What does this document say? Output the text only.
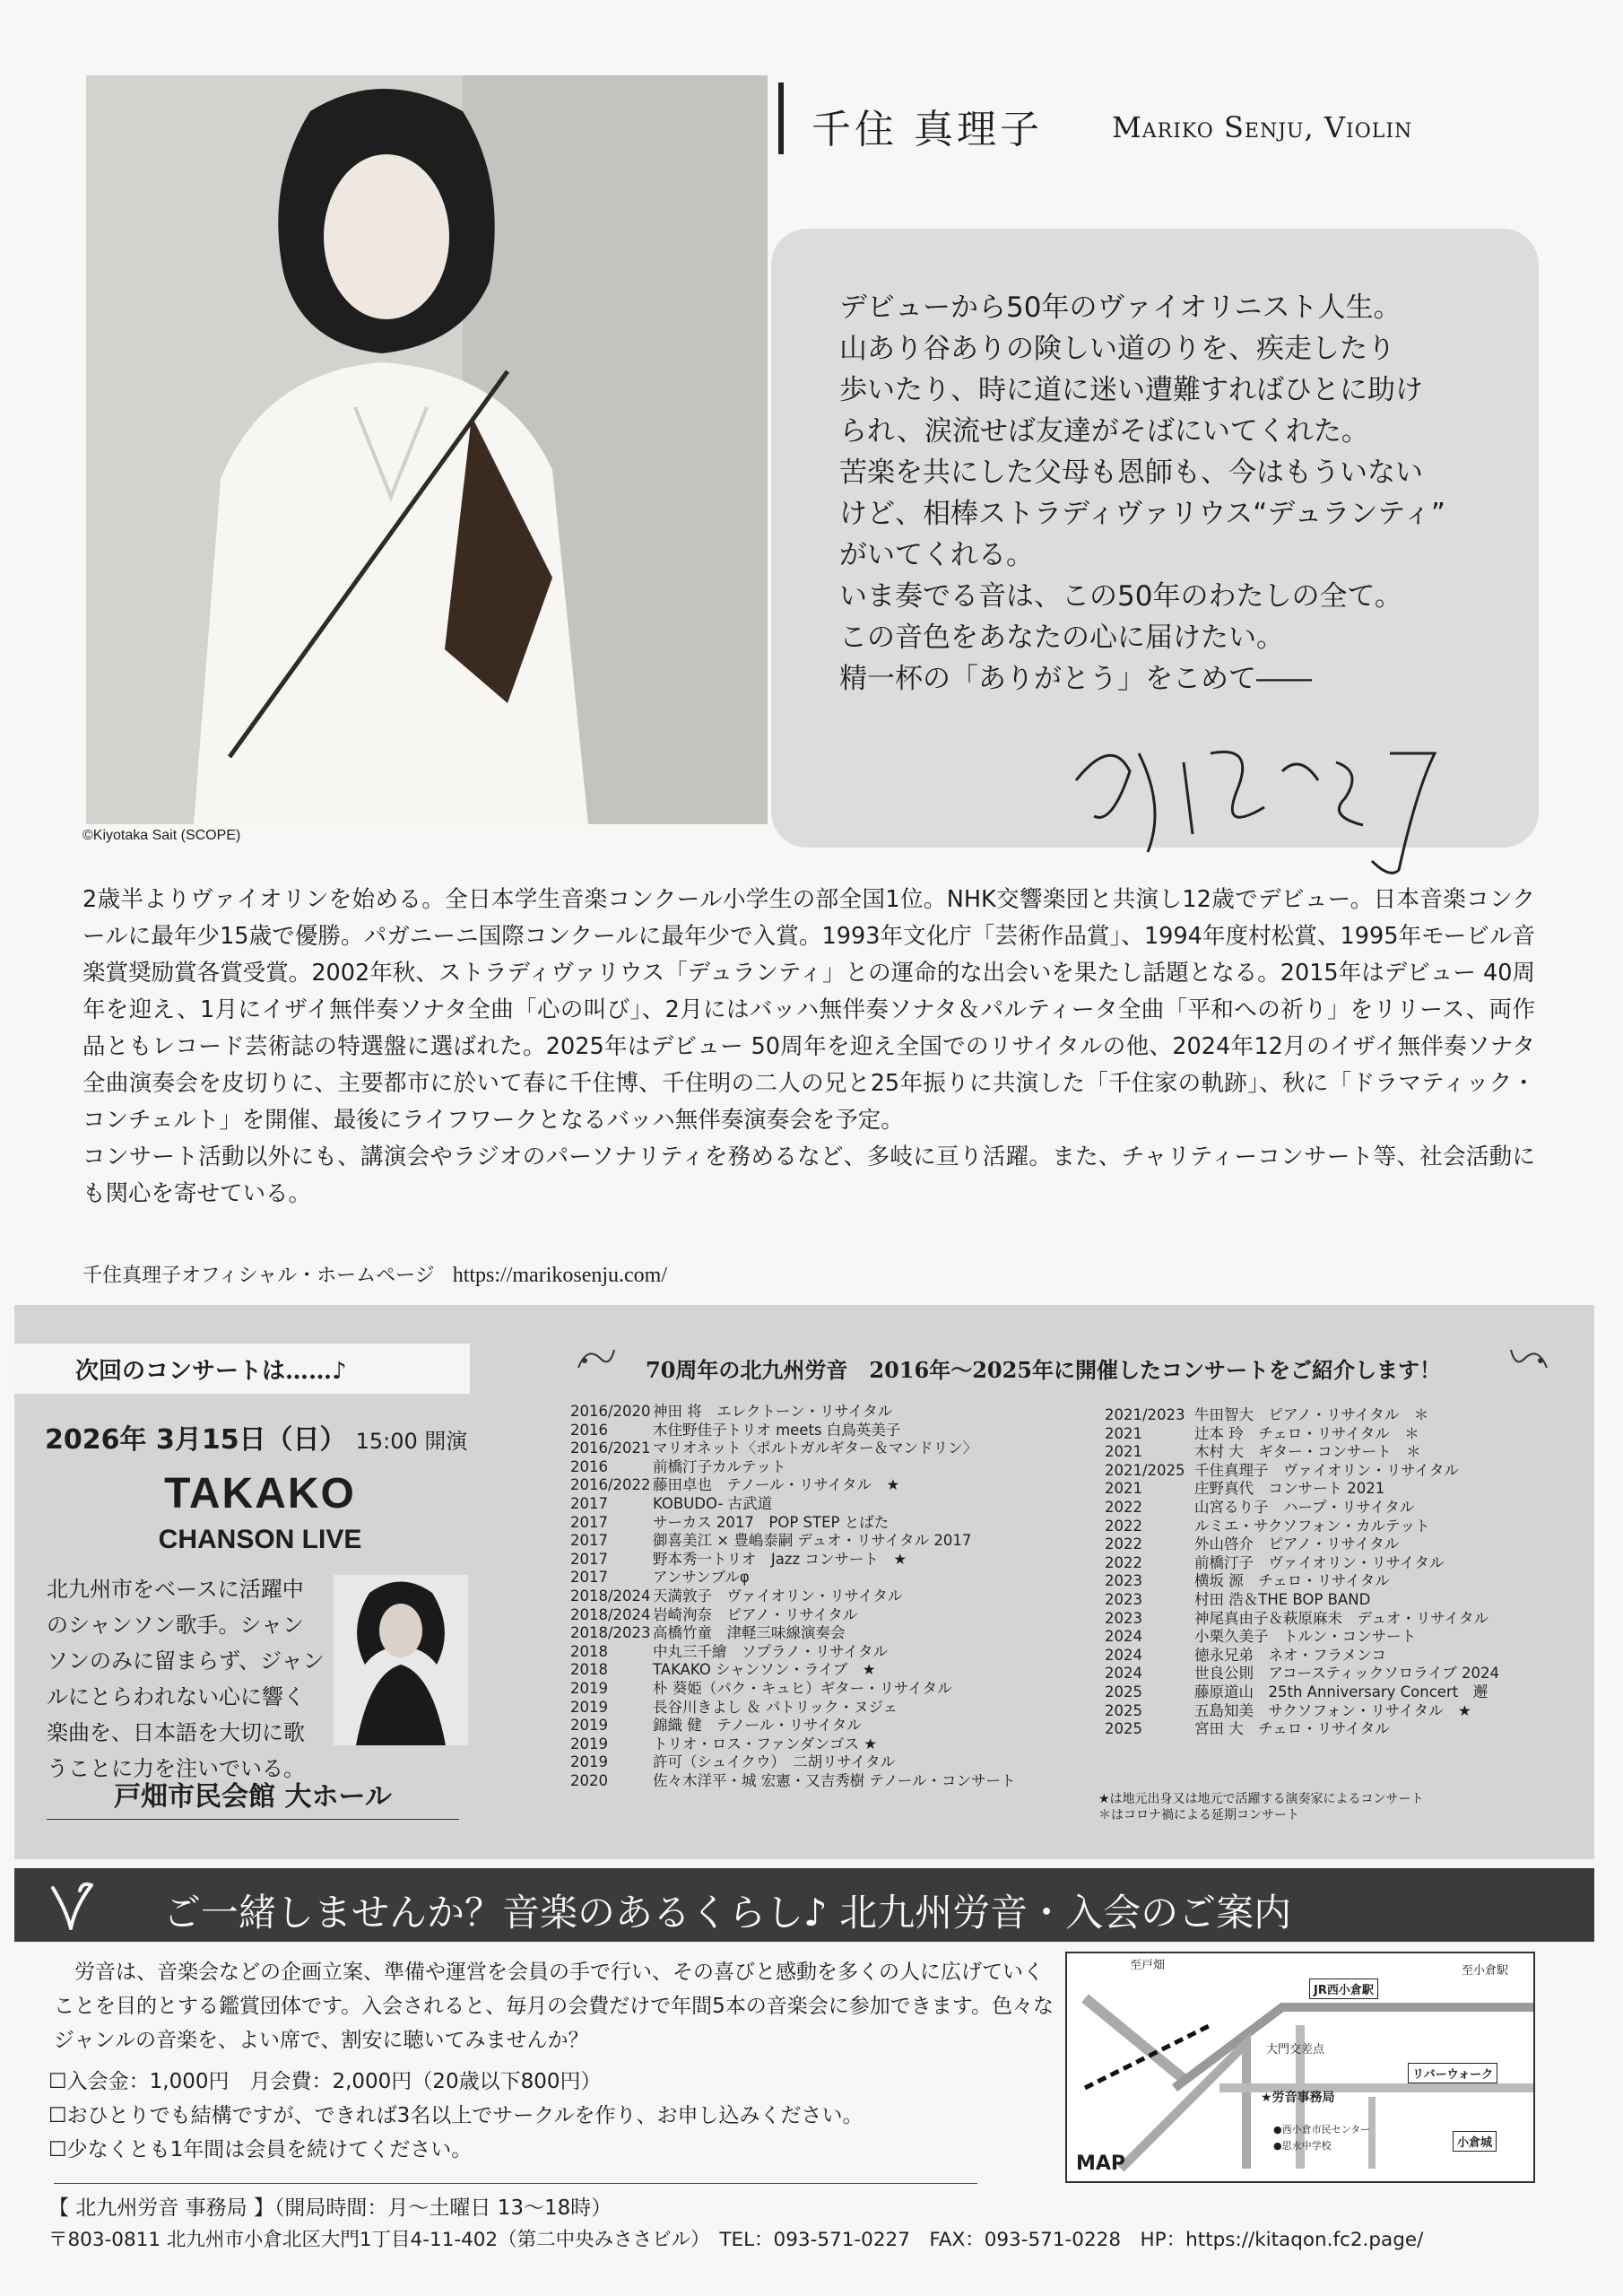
©Kiyotaka Sait (SCOPE)
千住 真理子 Mariko Senju, Violin
デビューから50年のヴァイオリニスト人生。
山あり谷ありの険しい道のりを、疾走したり
歩いたり、時に道に迷い遭難すればひとに助け
られ、涙流せば友達がそばにいてくれた。
苦楽を共にした父母も恩師も、今はもういない
けど、相棒ストラディヴァリウス“デュランティ”
がいてくれる。
いま奏でる音は、この50年のわたしの全て。
この音色をあなたの心に届けたい。
精一杯の「ありがとう」をこめて――

2歳半よりヴァイオリンを始める。全日本学生音楽コンクール小学生の部全国1位。NHK交響楽団と共演し12歳でデビュー。日本音楽コンクールに最年少15歳で優勝。パガニーニ国際コンクールに最年少で入賞。1993年文化庁「芸術作品賞」、1994年度村松賞、1995年モービル音楽賞奨励賞各賞受賞。2002年秋、ストラディヴァリウス「デュランティ」との運命的な出会いを果たし話題となる。2015年はデビュー 40周年を迎え、1月にイザイ無伴奏ソナタ全曲「心の叫び」、2月にはバッハ無伴奏ソナタ＆パルティータ全曲「平和への祈り」をリリース、両作品ともレコード芸術誌の特選盤に選ばれた。2025年はデビュー 50周年を迎え全国でのリサイタルの他、2024年12月のイザイ無伴奏ソナタ全曲演奏会を皮切りに、主要都市に於いて春に千住博、千住明の二人の兄と25年振りに共演した「千住家の軌跡」、秋に「ドラマティック・コンチェルト」を開催、最後にライフワークとなるバッハ無伴奏演奏会を予定。

コンサート活動以外にも、講演会やラジオのパーソナリティを務めるなど、多岐に亘り活躍。また、チャリティーコンサート等、社会活動にも関心を寄せている。

千住真理子オフィシャル・ホームページ https://marikosenju.com/
次回のコンサートは……♪
2026年 3月15日（日） 15:00 開演
TAKAKO
CHANSON LIVE
北九州市をベースに活躍中のシャンソン歌手。シャンソンのみに留まらず、ジャンルにとらわれない心に響く楽曲を、日本語を大切に歌うことに力を注いでいる。
戸畑市民会館 大ホール
70周年の北九州労音　2016年～2025年に開催したコンサートをご紹介します！
2016/2020 神田 将　エレクトーン・リサイタル
2016	木住野佳子トリオ meets 白鳥英美子
2016/2021 マリオネット〈ポルトガルギター＆マンドリン〉
2016	前橋汀子カルテット
2016/2022 藤田卓也　テノール・リサイタル　★
2017	KOBUDO- 古武道
2017	サーカス 2017　POP STEP とばた
2017	御喜美江 × 豊嶋泰嗣 デュオ・リサイタル 2017
2017	野本秀一トリオ　Jazz コンサート　★
2017	アンサンブルφ
2018/2024 天満敦子　ヴァイオリン・リサイタル
2018/2024 岩崎洵奈　ピアノ・リサイタル
2018/2023 高橋竹童　津軽三味線演奏会
2018	中丸三千繪　ソプラノ・リサイタル
2018	TAKAKO シャンソン・ライブ　★
2019	朴 葵姫（パク・キュヒ）ギター・リサイタル
2019	長谷川きよし ＆ パトリック・ヌジェ
2019	錦織 健　テノール・リサイタル
2019	トリオ・ロス・ファンダンゴス ★
2019	許可（シュイクウ）　二胡リサイタル
2020	佐々木洋平・城 宏憲・又吉秀樹 テノール・コンサート
2021/2023 牛田智大　ピアノ・リサイタル　＊
2021	辻本 玲　チェロ・リサイタル　＊
2021	木村 大　ギター・コンサート　＊
2021/2025 千住真理子　ヴァイオリン・リサイタル
2021	庄野真代　コンサート 2021
2022	山宮るり子　ハープ・リサイタル
2022	ルミエ・サクソフォン・カルテット
2022	外山啓介　ピアノ・リサイタル
2022	前橋汀子　ヴァイオリン・リサイタル
2023	横坂 源　チェロ・リサイタル
2023	村田 浩＆THE BOP BAND
2023	神尾真由子＆萩原麻未　デュオ・リサイタル
2024	小栗久美子　トルン・コンサート
2024	徳永兄弟　ネオ・フラメンコ
2024	世良公則　アコースティックソロライブ 2024
2025	藤原道山　25th Anniversary Concert　邂
2025	五島知美　サクソフォン・リサイタル　★
2025	宮田 大　チェロ・リサイタル
★は地元出身又は地元で活躍する演奏家によるコンサート
＊はコロナ禍による延期コンサート
ご一緒しませんか？音楽のあるくらし♪ 北九州労音・入会のご案内

労音は、音楽会などの企画立案、準備や運営を会員の手で行い、その喜びと感動を多くの人に広げていくことを目的とする鑑賞団体です。入会されると、毎月の会費だけで年間5本の音楽会に参加できます。色々なジャンルの音楽を、よい席で、割安に聴いてみませんか？

☐入会金：1,000円　月会費：2,000円（20歳以下800円）
☐おひとりでも結構ですが、できれば3名以上でサークルを作り、お申し込みください。
☐少なくとも1年間は会員を続けてください。
【 北九州労音 事務局 】（開局時間：月～土曜日 13～18時）
〒803-0811 北九州市小倉北区大門1丁目4-11-402（第二中央みささビル）　TEL：093-571-0227　FAX：093-571-0228　HP：https://kitaqon.fc2.page/
至戸畑
JR西小倉駅
至小倉駅
大門交差点
リバーウォーク
★労音事務局
●西小倉市民センター
●思永中学校	小倉城
MAP
